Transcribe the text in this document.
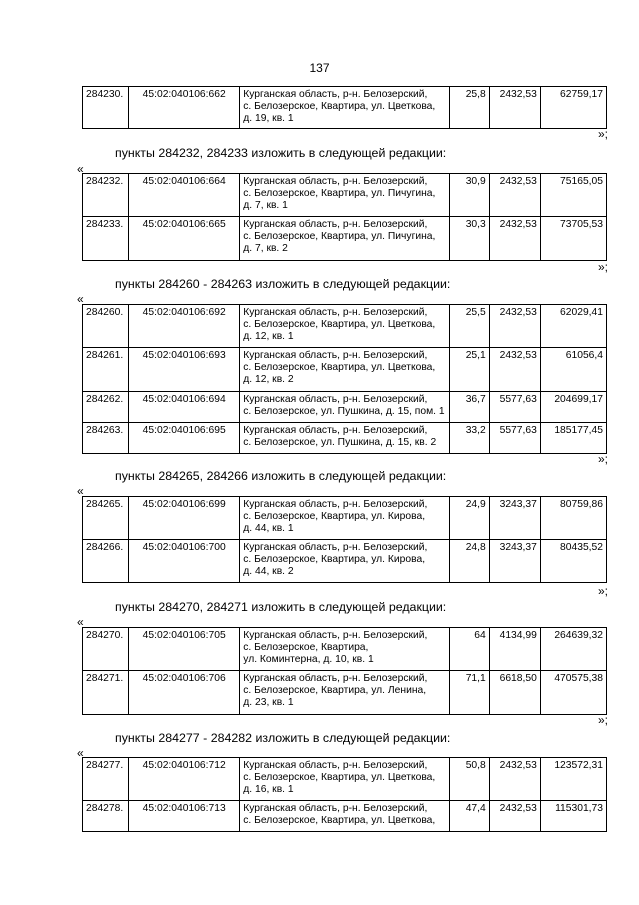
137
284230.	45:02:040106:662	Курганская область, р-н. Белозерский,
с. Белозерское, Квартира, ул. Цветкова,
д. 19, кв. 1
	25,8	2432,53	62759,17
»;
пункты 284232, 284233 изложить в следующей редакции:
«
284232.	45:02:040106:664	Курганская область, р-н. Белозерский,
с. Белозерское, Квартира, ул. Пичугина,
д. 7, кв. 1	30,9	2432,53	75165,05
284233.	45:02:040106:665	Курганская область, р-н. Белозерский,
с. Белозерское, Квартира, ул. Пичугина,
д. 7, кв. 2	30,3	2432,53	73705,53
»;
пункты 284260 - 284263 изложить в следующей редакции:
«
284260.	45:02:040106:692	Курганская область, р-н. Белозерский,
с. Белозерское, Квартира, ул. Цветкова,
д. 12, кв. 1	25,5	2432,53	62029,41
284261.	45:02:040106:693	Курганская область, р-н. Белозерский,
с. Белозерское, Квартира, ул. Цветкова,
д. 12, кв. 2	25,1	2432,53	61056,4
284262.	45:02:040106:694	Курганская область, р-н. Белозерский,
с. Белозерское, ул. Пушкина, д. 15, пом. 1	36,7	5577,63	204699,17
284263.	45:02:040106:695	Курганская область, р-н. Белозерский,
с. Белозерское, ул. Пушкина, д. 15, кв. 2	33,2	5577,63	185177,45
»;
пункты 284265, 284266 изложить в следующей редакции:
«
284265.	45:02:040106:699	Курганская область, р-н. Белозерский,
с. Белозерское, Квартира, ул. Кирова,
д. 44, кв. 1	24,9	3243,37	80759,86
284266.	45:02:040106:700	Курганская область, р-н. Белозерский,
с. Белозерское, Квартира, ул. Кирова,
д. 44, кв. 2	24,8	3243,37	80435,52
»;
пункты 284270, 284271 изложить в следующей редакции:
«
284270.	45:02:040106:705	Курганская область, р-н. Белозерский,
с. Белозерское, Квартира,
ул. Коминтерна, д. 10, кв. 1	64	4134,99	264639,32
284271.	45:02:040106:706	Курганская область, р-н. Белозерский,
с. Белозерское, Квартира, ул. Ленина,
д. 23, кв. 1	71,1	6618,50	470575,38
»;
пункты 284277 - 284282 изложить в следующей редакции:
«
284277.	45:02:040106:712	Курганская область, р-н. Белозерский,
с. Белозерское, Квартира, ул. Цветкова,
д. 16, кв. 1	50,8	2432,53	123572,31
284278.	45:02:040106:713	Курганская область, р-н. Белозерский,
с. Белозерское, Квартира, ул. Цветкова,	47,4	2432,53	115301,73
